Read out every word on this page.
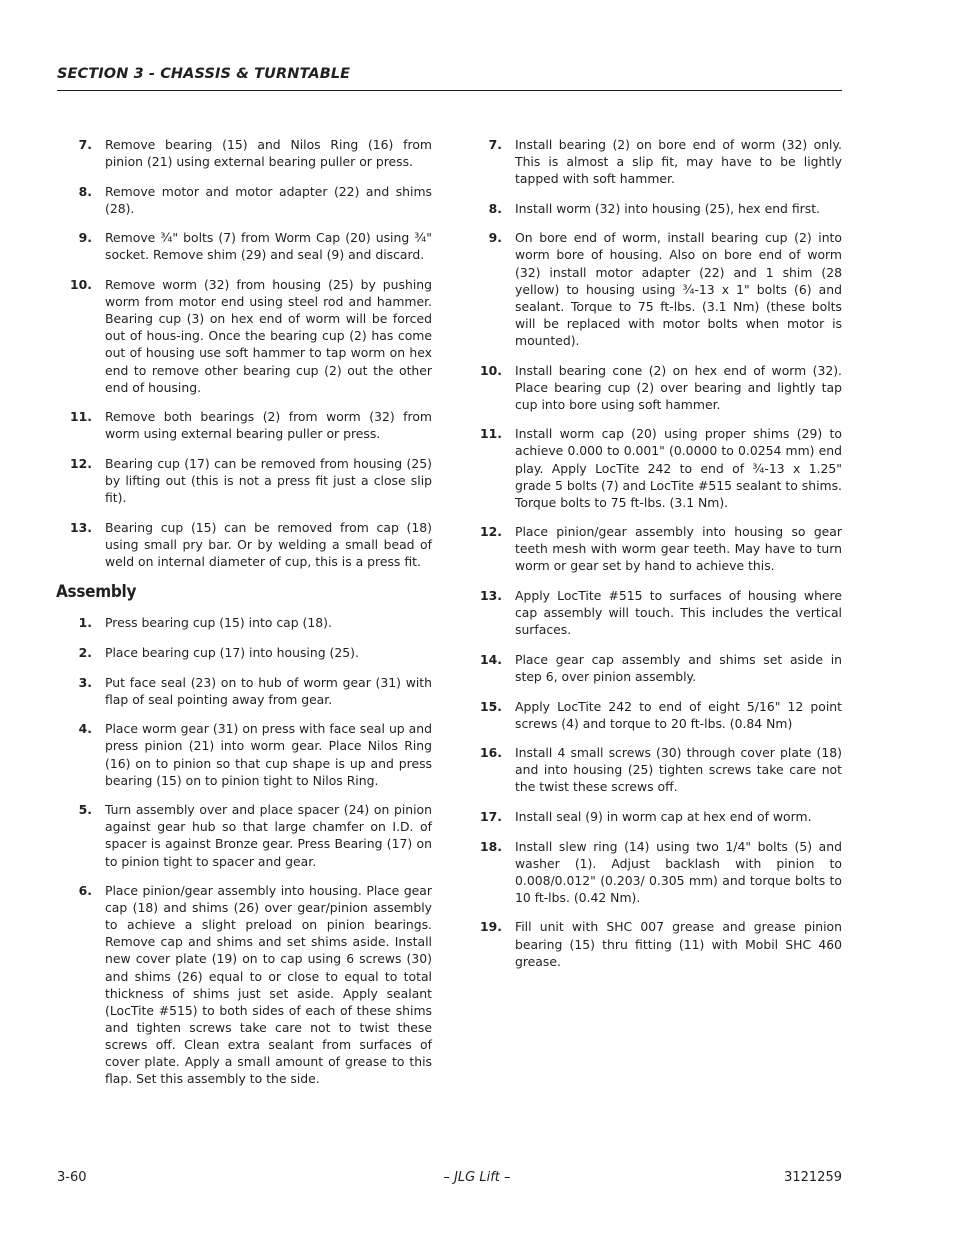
SECTION 3 - CHASSIS & TURNTABLE
7. Remove bearing (15) and Nilos Ring (16) from pinion (21) using external bearing puller or press.
8. Remove motor and motor adapter (22) and shims (28).
9. Remove ¾" bolts (7) from Worm Cap (20) using ¾" socket. Remove shim (29) and seal (9) and discard.
10. Remove worm (32) from housing (25) by pushing worm from motor end using steel rod and hammer. Bearing cup (3) on hex end of worm will be forced out of hous-ing. Once the bearing cup (2) has come out of housing use soft hammer to tap worm on hex end to remove other bearing cup (2) out the other end of housing.
11. Remove both bearings (2) from worm (32) from worm using external bearing puller or press.
12. Bearing cup (17) can be removed from housing (25) by lifting out (this is not a press fit just a close slip fit).
13. Bearing cup (15) can be removed from cap (18) using small pry bar. Or by welding a small bead of weld on internal diameter of cup, this is a press fit.
Assembly
1. Press bearing cup (15) into cap (18).
2. Place bearing cup (17) into housing (25).
3. Put face seal (23) on to hub of worm gear (31) with flap of seal pointing away from gear.
4. Place worm gear (31) on press with face seal up and press pinion (21) into worm gear. Place Nilos Ring (16) on to pinion so that cup shape is up and press bearing (15) on to pinion tight to Nilos Ring.
5. Turn assembly over and place spacer (24) on pinion against gear hub so that large chamfer on I.D. of spacer is against Bronze gear. Press Bearing (17) on to pinion tight to spacer and gear.
6. Place pinion/gear assembly into housing. Place gear cap (18) and shims (26) over gear/pinion assembly to achieve a slight preload on pinion bearings. Remove cap and shims and set shims aside. Install new cover plate (19) on to cap using 6 screws (30) and shims (26) equal to or close to equal to total thickness of shims just set aside. Apply sealant (LocTite #515) to both sides of each of these shims and tighten screws take care not to twist these screws off. Clean extra sealant from surfaces of cover plate. Apply a small amount of grease to this flap. Set this assembly to the side.
7. Install bearing (2) on bore end of worm (32) only. This is almost a slip fit, may have to be lightly tapped with soft hammer.
8. Install worm (32) into housing (25), hex end first.
9. On bore end of worm, install bearing cup (2) into worm bore of housing. Also on bore end of worm (32) install motor adapter (22) and 1 shim (28 yellow) to housing using ¾-13 x 1" bolts (6) and sealant. Torque to 75 ft-lbs. (3.1 Nm) (these bolts will be replaced with motor bolts when motor is mounted).
10. Install bearing cone (2) on hex end of worm (32). Place bearing cup (2) over bearing and lightly tap cup into bore using soft hammer.
11. Install worm cap (20) using proper shims (29) to achieve 0.000 to 0.001" (0.0000 to 0.0254 mm) end play. Apply LocTite 242 to end of ¾-13 x 1.25" grade 5 bolts (7) and LocTite #515 sealant to shims. Torque bolts to 75 ft-lbs. (3.1 Nm).
12. Place pinion/gear assembly into housing so gear teeth mesh with worm gear teeth. May have to turn worm or gear set by hand to achieve this.
13. Apply LocTite #515 to surfaces of housing where cap assembly will touch. This includes the vertical surfaces.
14. Place gear cap assembly and shims set aside in step 6, over pinion assembly.
15. Apply LocTite 242 to end of eight 5/16" 12 point screws (4) and torque to 20 ft-lbs. (0.84 Nm)
16. Install 4 small screws (30) through cover plate (18) and into housing (25) tighten screws take care not the twist these screws off.
17. Install seal (9) in worm cap at hex end of worm.
18. Install slew ring (14) using two 1/4" bolts (5) and washer (1). Adjust backlash with pinion to 0.008/0.012" (0.203/ 0.305 mm) and torque bolts to 10 ft-lbs. (0.42 Nm).
19. Fill unit with SHC 007 grease and grease pinion bearing (15) thru fitting (11) with Mobil SHC 460 grease.
3-60	– JLG Lift –	3121259
